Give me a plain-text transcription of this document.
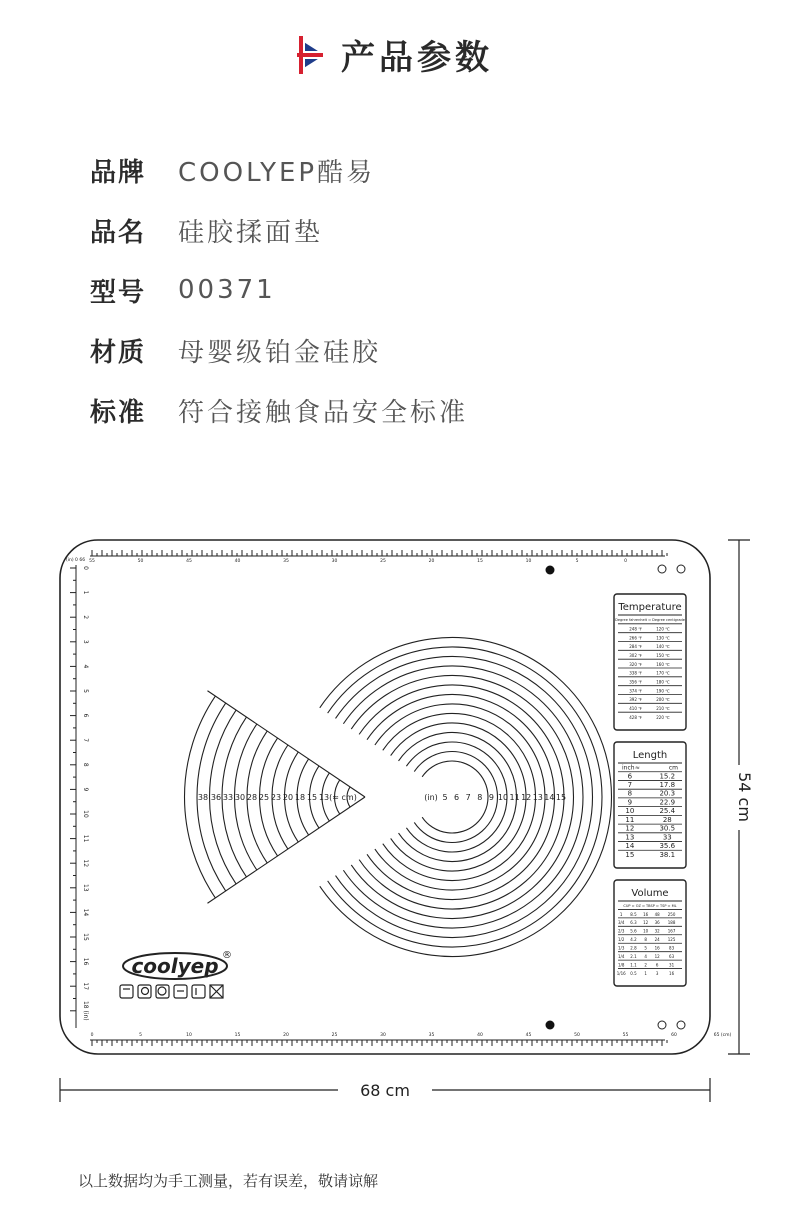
产品参数
品牌	COOLYEP酷易
品名	硅胶揉面垫
型号	00371
材质	母婴级铂金硅胶
标准	符合接触食品安全标准
54 cm
68 cm
55	50	45	40	35	30	25	20	15	10	5	0
0	5	10	15	20	25	30	35	40	45	50	55	60	65 (cm)
0
1
2
3
4
5
6
7
8
9
10
11
12
13
14
15
16
17
18 (in)
(in) 0 66
5 6 7 8 9 10 11 12 13 14 15
38 36 33 30 28 25 23 20 18 15 13 (≈ cm)	(in)
Temperature
Degree fahrenheit ≈ Degree centigrade
248 ℉	120 ℃
266 ℉	130 ℃
284 ℉	140 ℃
302 ℉	150 ℃
320 ℉	160 ℃
338 ℉	170 ℃
356 ℉	180 ℃
374 ℉	190 ℃
392 ℉	200 ℃
410 ℉	210 ℃
428 ℉	220 ℃
Length
inch ≈	cm
6	15.2
7	17.8
8	20.3
9	22.9
10	25.4
11	28
12	30.5
13	33
14	35.6
15	38.1
Volume
CUP ≈ OZ ≈ TBSP ≈ TSP ≈ ML
1 8.5 16 48 250
3/4 6.3 12 36 188
2/3 5.6 10 32 167
1/2 4.2 8 24 125
1/3 2.8 5 16 83
1/4 2.1 4 12 63
1/8 1.1 2 6	31
1/16 0.5 1 3	16
coolyep ®
以上数据均为手工测量，若有误差，敬请谅解
